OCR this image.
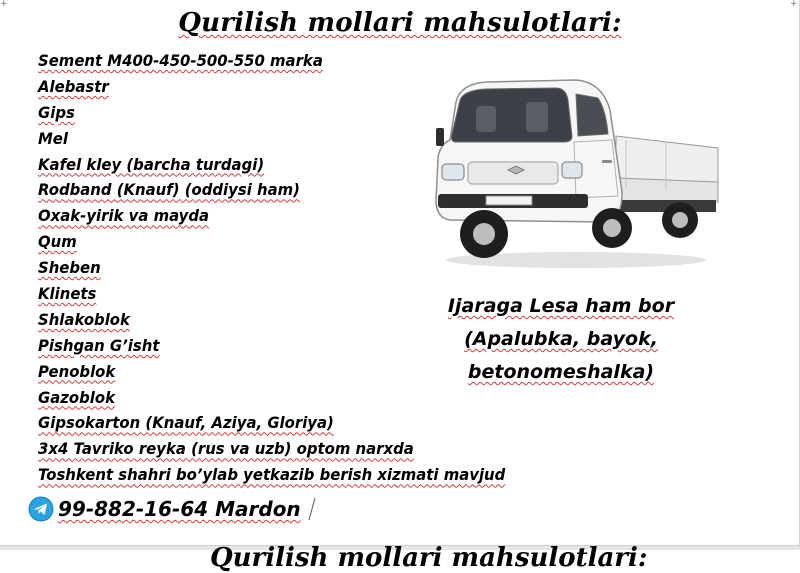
+	+
Qurilish mollari mahsulotlari:
Sement M400-450-500-550 marka
Alebastr
Gips
Mel
Kafel kley (barcha turdagi)
Rodband (Knauf) (oddiysi ham)
Oxak-yirik va mayda
Qum
Sheben
Klinets
Shlakoblok
Pishgan G’isht
Penoblok
Gazoblok
Gipsokarton (Knauf, Aziya, Gloriya)
3x4 Tavriko reyka (rus va uzb) optom narxda
Toshkent shahri bo’ylab yetkazib berish xizmati mavjud
Ijaraga Lesa ham bor
(Apalubka, bayok,
betonomeshalka)
99-882-16-64 Mardon
Qurilish mollari mahsulotlari:
